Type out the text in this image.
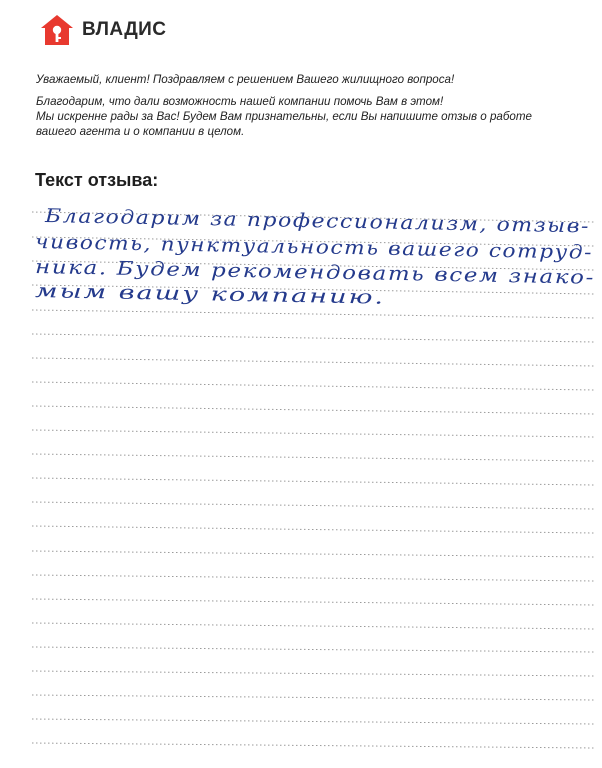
ВЛАДИС

Уважаемый, клиент! Поздравляем с решением Вашего жилищного вопроса!

Благодарим, что дали возможность нашей компании помочь Вам в этом!

Мы искренне рады за Вас! Будем Вам признательны, если Вы напишите отзыв о работе

вашего агента и о компании в целом.

Текст отзыва:
Благодарим за профессионализм, отзыв-
чивость, пунктуальность вашего сотруд-
ника. Будем рекомендовать всем знако-
мым вашу компанию.
